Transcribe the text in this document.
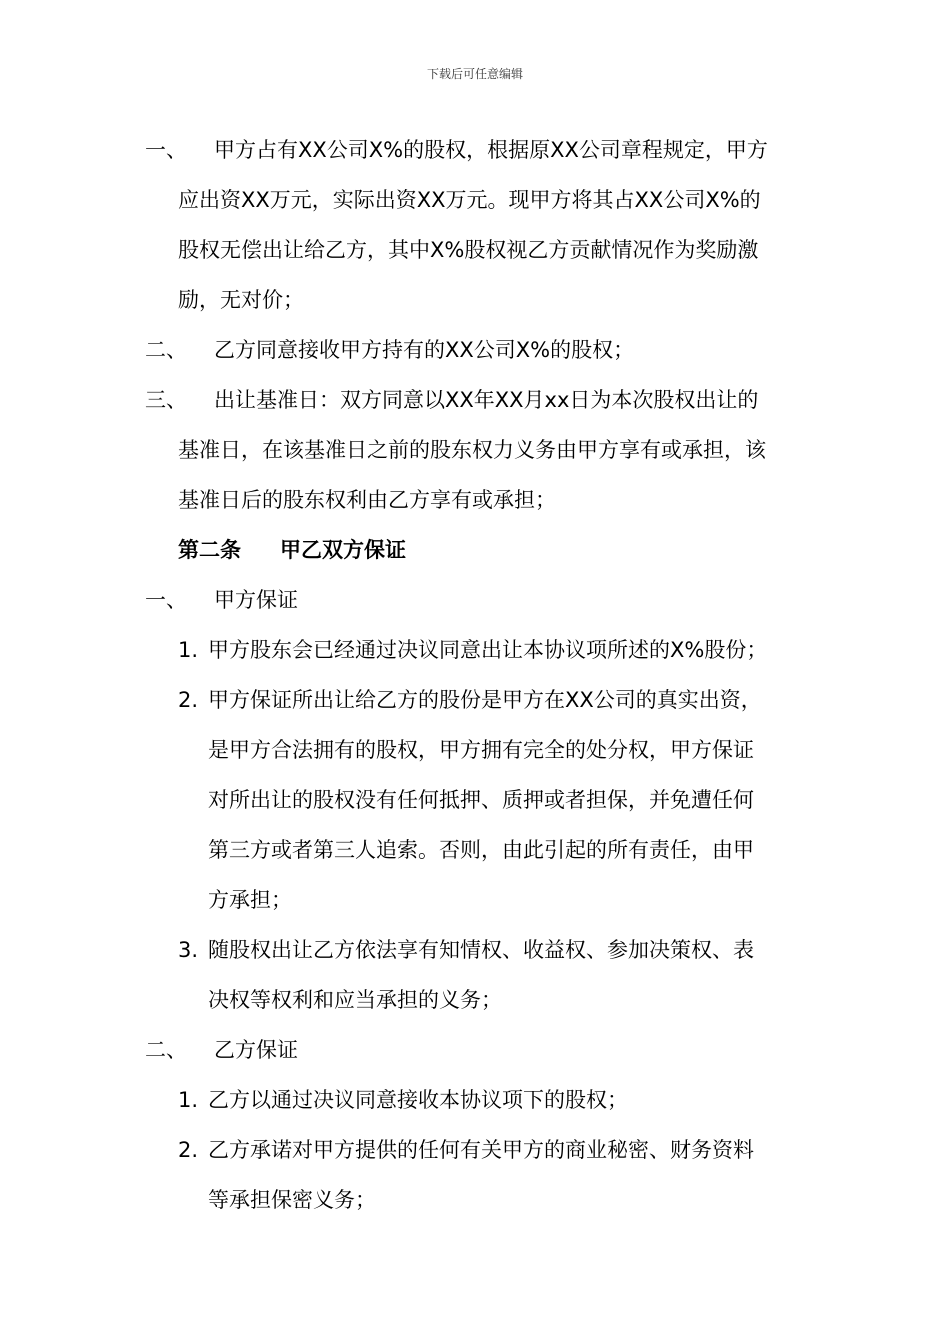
下载后可任意编辑
一、 甲方占有XX公司X%的股权，根据原XX公司章程规定，甲方
应出资XX万元，实际出资XX万元。现甲方将其占XX公司X%的
股权无偿出让给乙方，其中X%股权视乙方贡献情况作为奖励激
励，无对价；
二、 乙方同意接收甲方持有的XX公司X%的股权；
三、 出让基准日：双方同意以XX年XX月xx日为本次股权出让的
基准日，在该基准日之前的股东权力义务由甲方享有或承担，该
基准日后的股东权利由乙方享有或承担；
第二条 甲乙双方保证
一、 甲方保证
1. 甲方股东会已经通过决议同意出让本协议项所述的X%股份；
2. 甲方保证所出让给乙方的股份是甲方在XX公司的真实出资，
是甲方合法拥有的股权，甲方拥有完全的处分权，甲方保证
对所出让的股权没有任何抵押、质押或者担保，并免遭任何
第三方或者第三人追索。否则，由此引起的所有责任，由甲
方承担；
3. 随股权出让乙方依法享有知情权、收益权、参加决策权、表
决权等权利和应当承担的义务；
二、 乙方保证
1. 乙方以通过决议同意接收本协议项下的股权；
2. 乙方承诺对甲方提供的任何有关甲方的商业秘密、财务资料
等承担保密义务；
